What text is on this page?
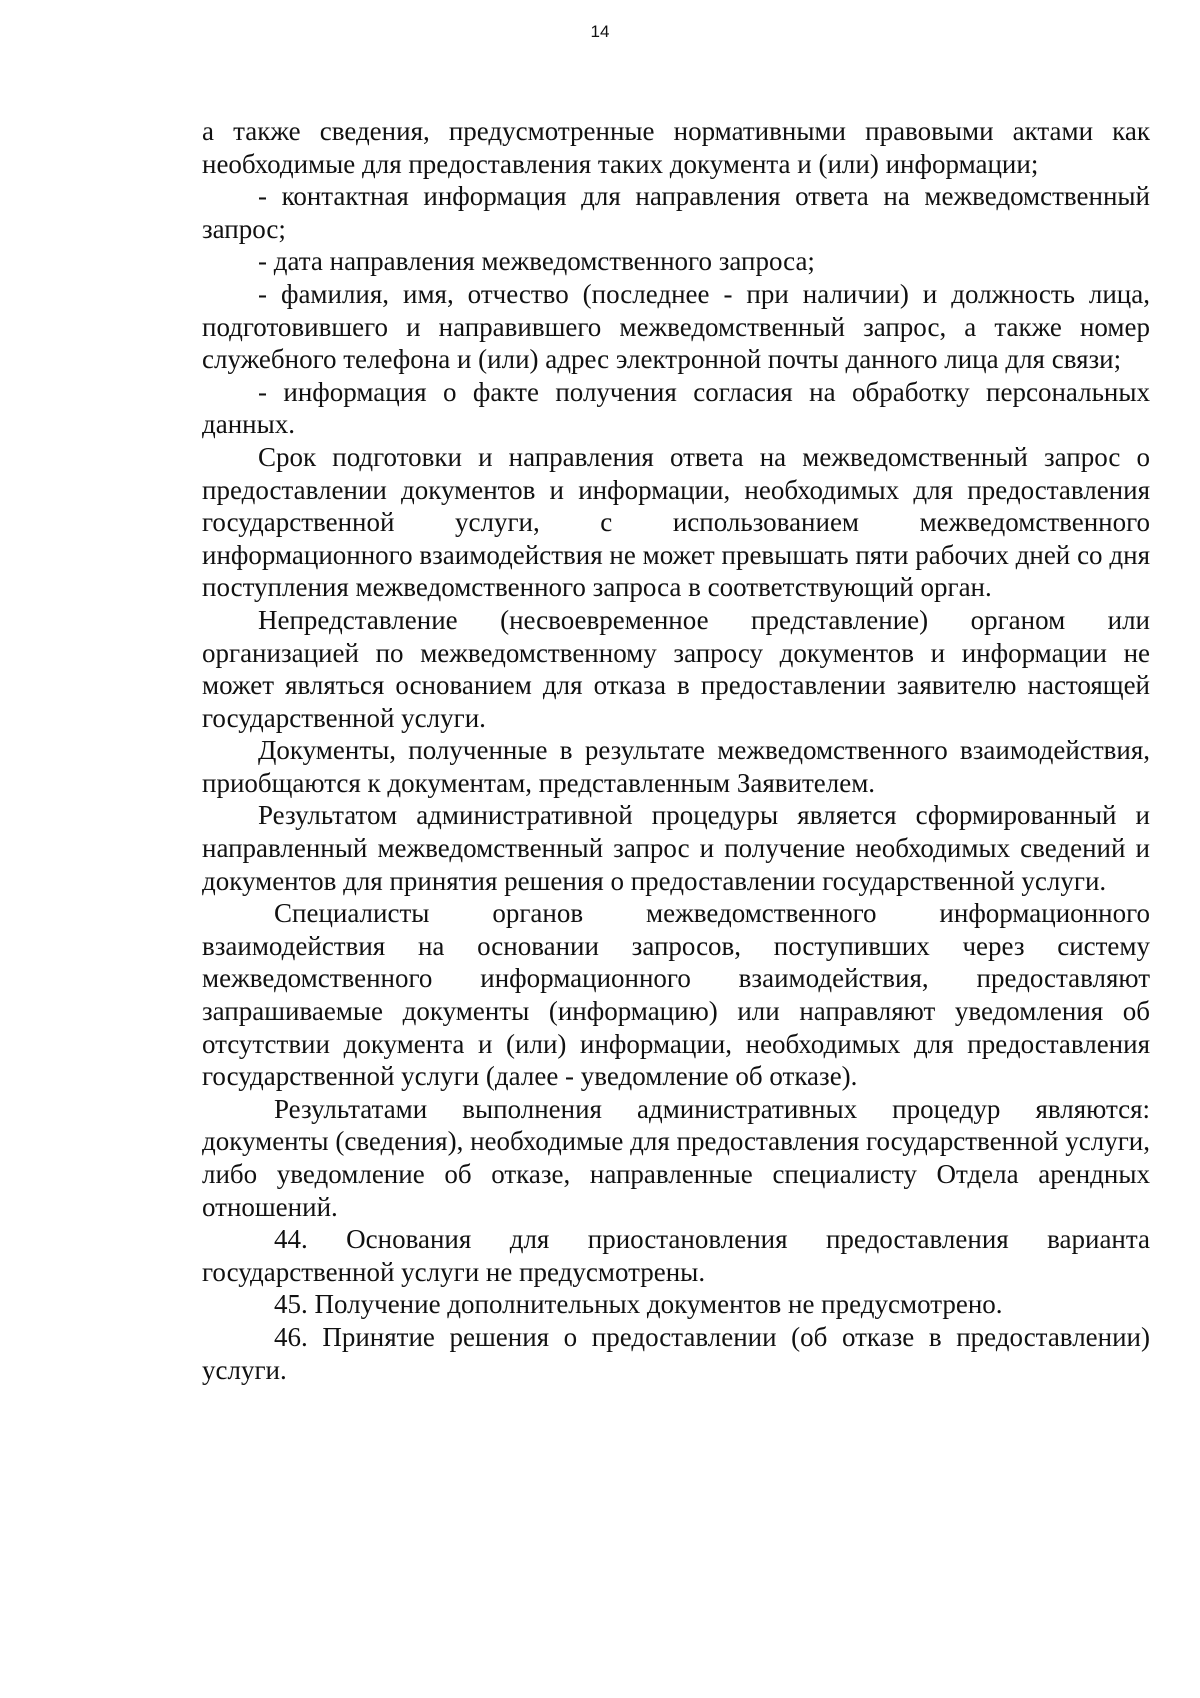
14

а также сведения, предусмотренные нормативными правовыми актами как необходимые для предоставления таких документа и (или) информации;

- контактная информация для направления ответа на межведомственный запрос;

- дата направления межведомственного запроса;

- фамилия, имя, отчество (последнее - при наличии) и должность лица, подготовившего и направившего межведомственный запрос, а также номер служебного телефона и (или) адрес электронной почты данного лица для связи;

- информация о факте получения согласия на обработку персональных данных.

Срок подготовки и направления ответа на межведомственный запрос о предоставлении документов и информации, необходимых для предоставления государственной услуги, с использованием межведомственного информационного взаимодействия не может превышать пяти рабочих дней со дня поступления межведомственного запроса в соответствующий орган.

Непредставление (несвоевременное представление) органом или организацией по межведомственному запросу документов и информации не может являться основанием для отказа в предоставлении заявителю настоящей государственной услуги.

Документы, полученные в результате межведомственного взаимодействия, приобщаются к документам, представленным Заявителем.

Результатом административной процедуры является сформированный и направленный межведомственный запрос и получение необходимых сведений и документов для принятия решения о предоставлении государственной услуги.

Специалисты органов межведомственного информационного взаимодействия на основании запросов, поступивших через систему межведомственного информационного взаимодействия, предоставляют запрашиваемые документы (информацию) или направляют уведомления об отсутствии документа и (или) информации, необходимых для предоставления государственной услуги (далее - уведомление об отказе).

Результатами выполнения административных процедур являются: документы (сведения), необходимые для предоставления государственной услуги, либо уведомление об отказе, направленные специалисту Отдела арендных отношений.

44. Основания для приостановления предоставления варианта государственной услуги не предусмотрены.

45. Получение дополнительных документов не предусмотрено.

46. Принятие решения о предоставлении (об отказе в предоставлении) услуги.
